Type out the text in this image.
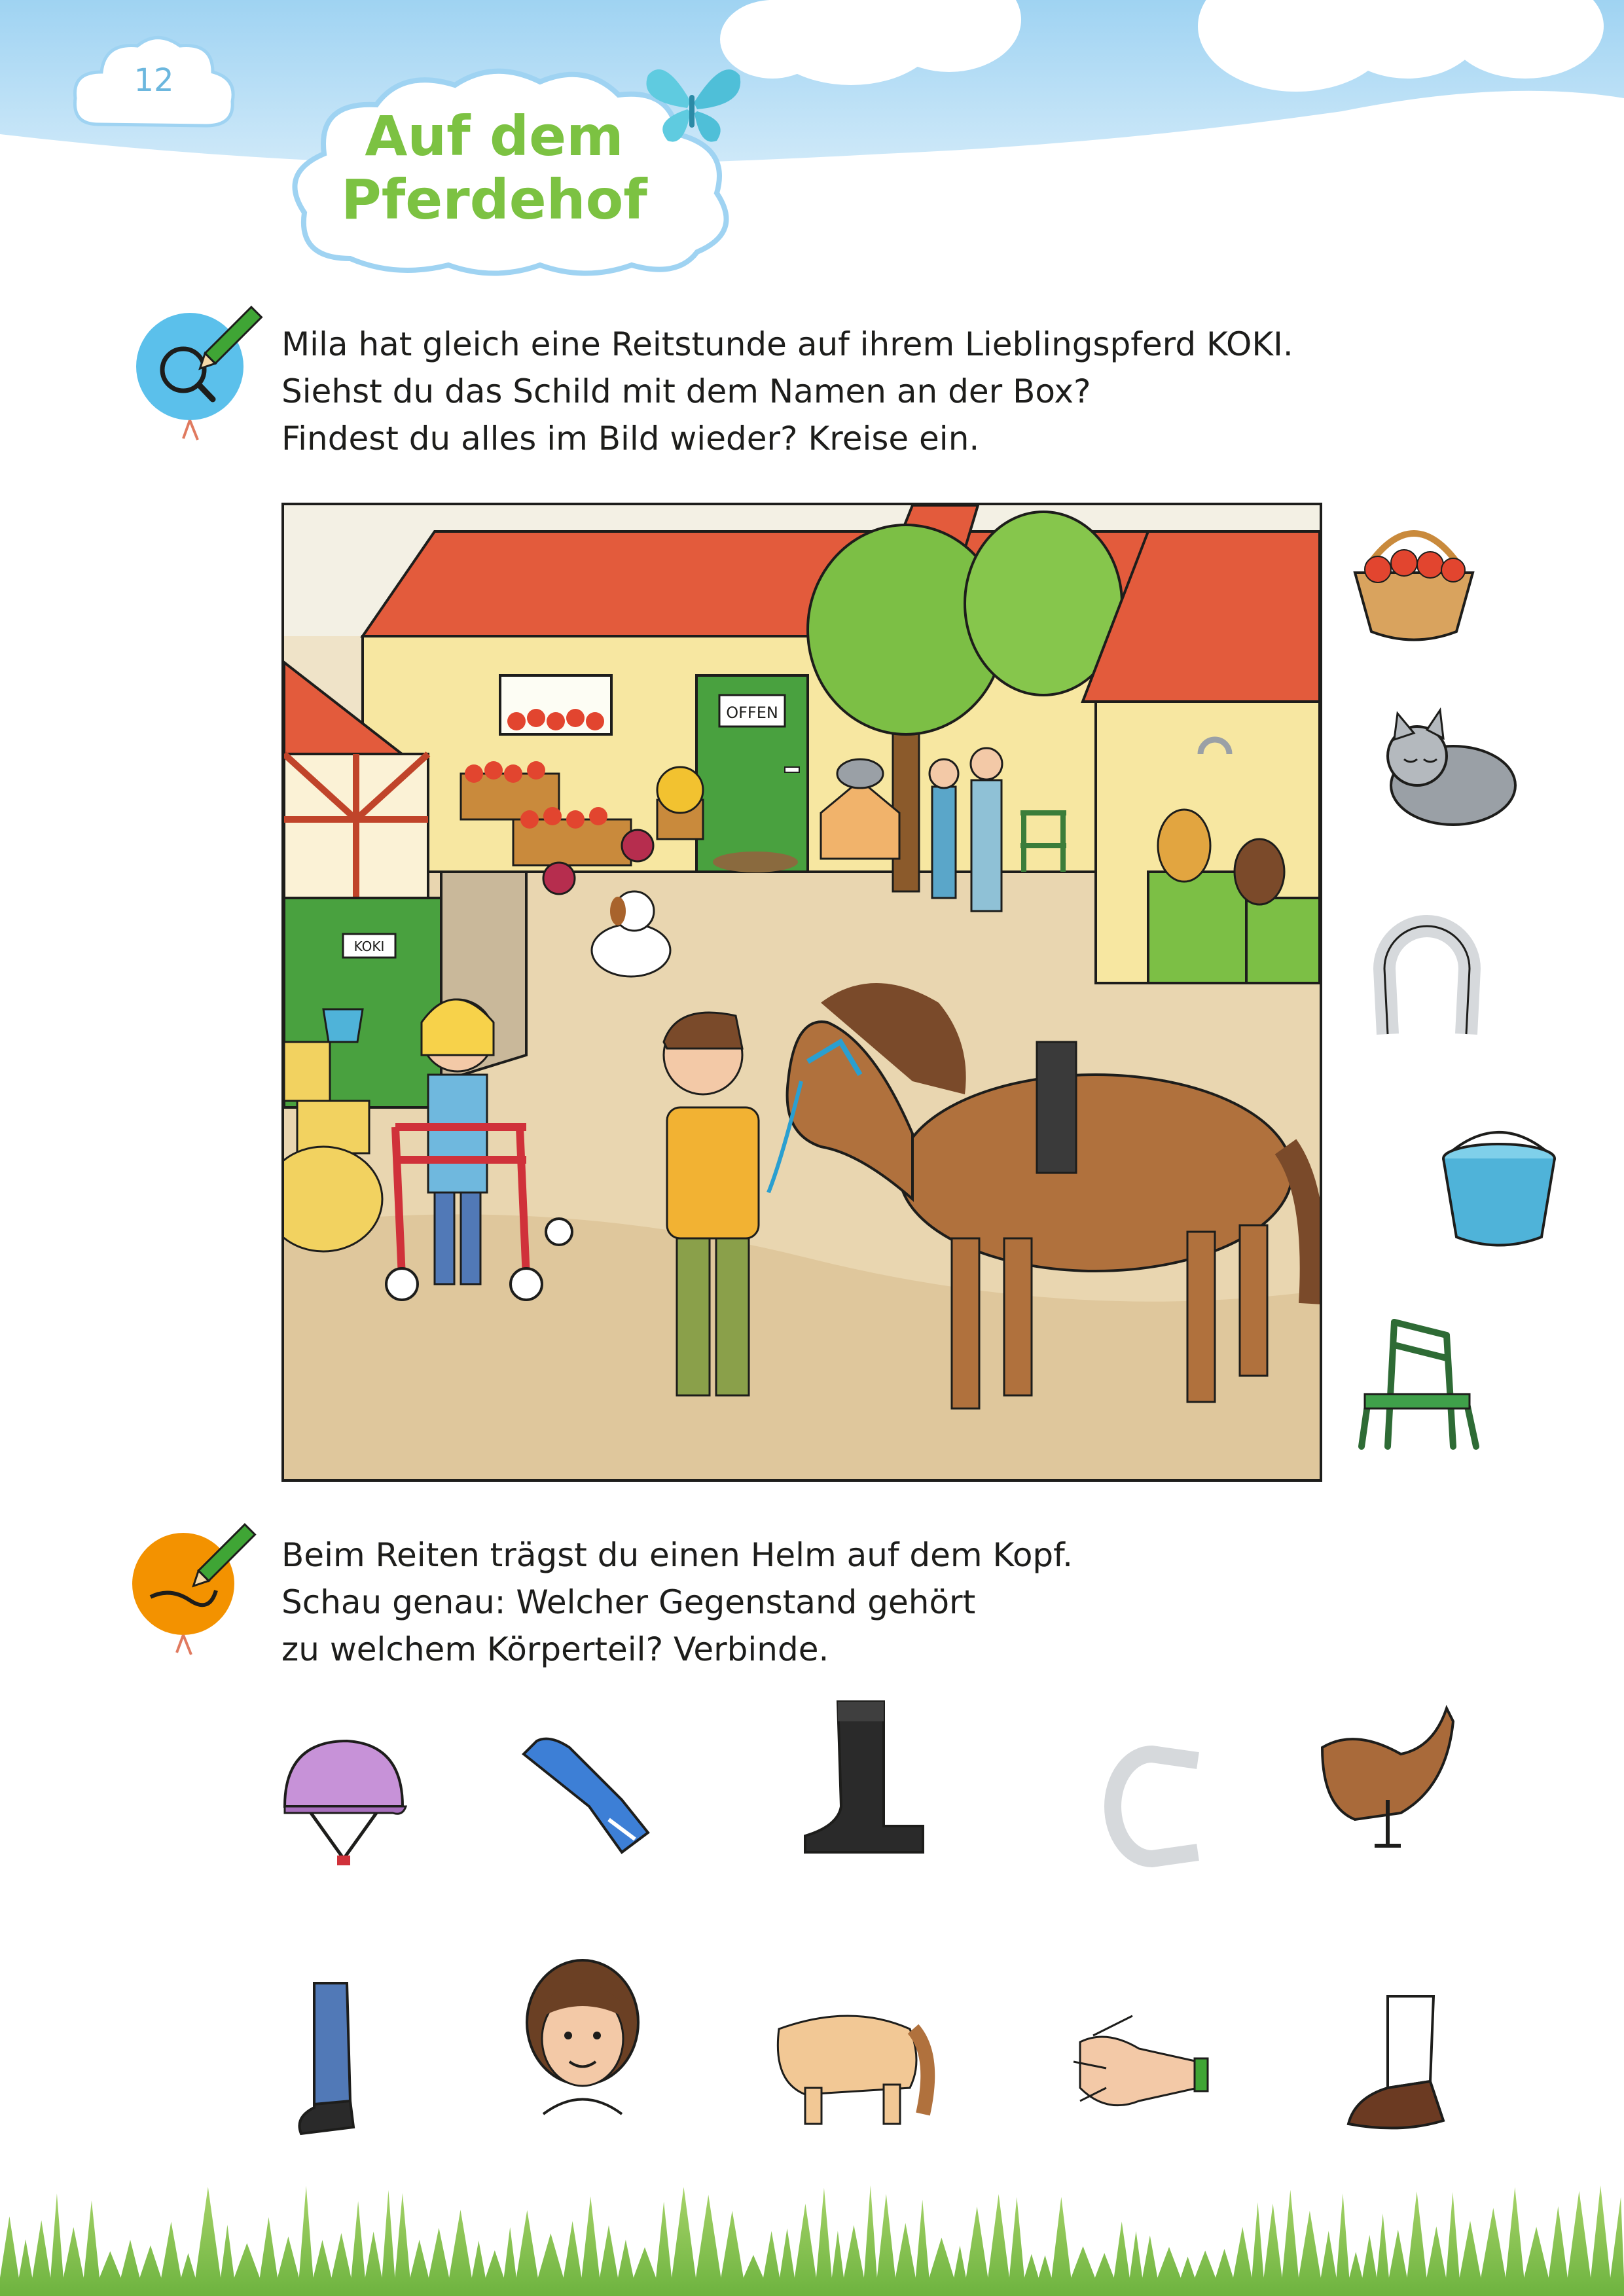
12
Auf dem
Pferdehof
Mila hat gleich eine Reitstunde auf ihrem Lieblingspferd KOKI.
Siehst du das Schild mit dem Namen an der Box?
Findest du alles im Bild wieder? Kreise ein.
OFFEN
KOKI
Beim Reiten trägst du einen Helm auf dem Kopf.
Schau genau: Welcher Gegenstand gehört
zu welchem Körperteil? Verbinde.
